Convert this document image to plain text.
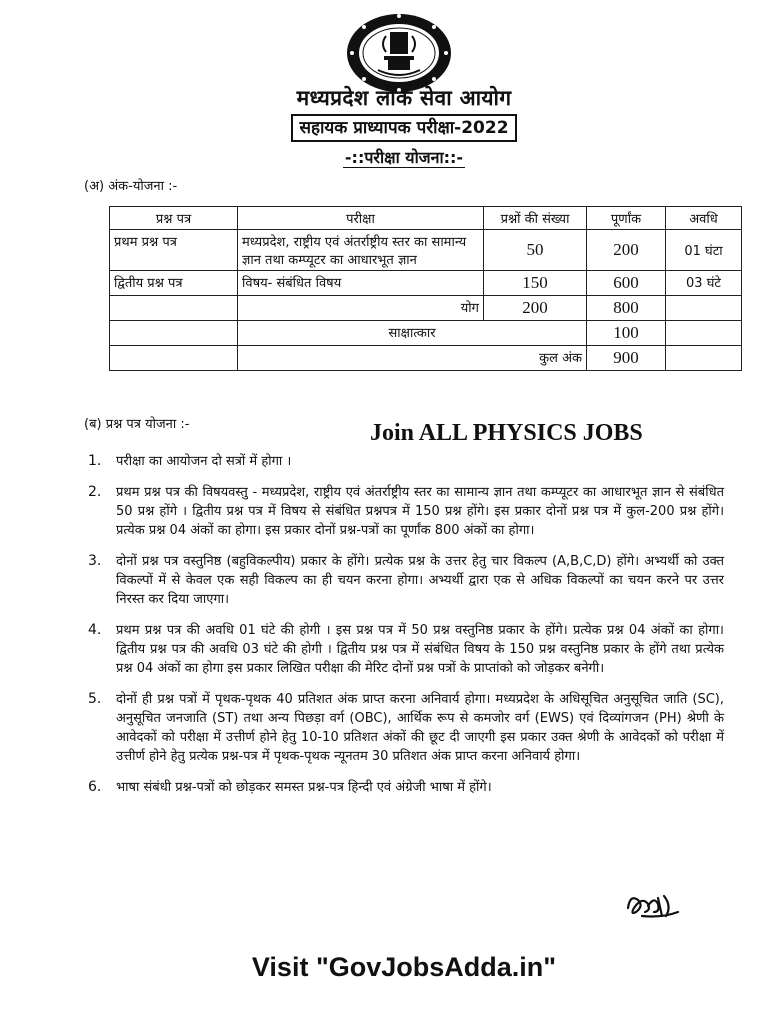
मध्यप्रदेश लोक सेवा आयोग
सहायक प्राध्यापक परीक्षा-2022
-::परीक्षा योजना::-
(अ) अंक-योजना :-
प्रश्न पत्र	परीक्षा	प्रश्नों की संख्या	पूर्णांक	अवधि
प्रथम प्रश्न पत्र	मध्यप्रदेश, राष्ट्रीय एवं अंतर्राष्ट्रीय स्तर का सामान्य ज्ञान तथा कम्प्यूटर का आधारभूत ज्ञान	50	200	01 घंटा
द्वितीय प्रश्न पत्र	विषय- संबंधित विषय	150	600	03 घंटे
	योग	200	800	
	साक्षात्कार		100	
	कुल अंक		900	
(ब) प्रश्न पत्र योजना :-	Join ALL PHYSICS JOBS
1. परीक्षा का आयोजन दो सत्रों में होगा ।
2. प्रथम प्रश्न पत्र की विषयवस्तु - मध्यप्रदेश, राष्ट्रीय एवं अंतर्राष्ट्रीय स्तर का सामान्य ज्ञान तथा कम्प्यूटर का आधारभूत ज्ञान से संबंधित 50 प्रश्न होंगे । द्वितीय प्रश्न पत्र में विषय से संबंधित प्रश्नपत्र में 150 प्रश्न होंगे। इस प्रकार दोनों प्रश्न पत्र में कुल-200 प्रश्न होंगे। प्रत्येक प्रश्न 04 अंकों का होगा। इस प्रकार दोनों प्रश्न-पत्रों का पूर्णांक 800 अंकों का होगा।
3. दोनों प्रश्न पत्र वस्तुनिष्ठ (बहुविकल्पीय) प्रकार के होंगे। प्रत्येक प्रश्न के उत्तर हेतु चार विकल्प (A,B,C,D) होंगे। अभ्यर्थी को उक्त विकल्पों में से केवल एक सही विकल्प का ही चयन करना होगा। अभ्यर्थी द्वारा एक से अधिक विकल्पों का चयन करने पर उत्तर निरस्त कर दिया जाएगा।
4. प्रथम प्रश्न पत्र की अवधि 01 घंटे की होगी । इस प्रश्न पत्र में 50 प्रश्न वस्तुनिष्ठ प्रकार के होंगे। प्रत्येक प्रश्न 04 अंकों का होगा। द्वितीय प्रश्न पत्र की अवधि 03 घंटे की होगी । द्वितीय प्रश्न पत्र में संबंधित विषय के 150 प्रश्न वस्तुनिष्ठ प्रकार के होंगे तथा प्रत्येक प्रश्न 04 अंकों का होगा इस प्रकार लिखित परीक्षा की मेरिट दोनों प्रश्न पत्रों के प्राप्तांको को जोड़कर बनेगी।
5. दोनों ही प्रश्न पत्रों में पृथक-पृथक 40 प्रतिशत अंक प्राप्त करना अनिवार्य होगा। मध्यप्रदेश के अधिसूचित अनुसूचित जाति (SC), अनुसूचित जनजाति (ST) तथा अन्य पिछड़ा वर्ग (OBC), आर्थिक रूप से कमजोर वर्ग (EWS) एवं दिव्यांगजन (PH) श्रेणी के आवेदकों को परीक्षा में उत्तीर्ण होने हेतु 10-10 प्रतिशत अंकों की छूट दी जाएगी इस प्रकार उक्त श्रेणी के आवेदकों को परीक्षा में उत्तीर्ण होने हेतु प्रत्येक प्रश्न-पत्र में पृथक-पृथक न्यूनतम 30 प्रतिशत अंक प्राप्त करना अनिवार्य होगा।
6. भाषा संबंधी प्रश्न-पत्रों को छोड़कर समस्त प्रश्न-पत्र हिन्दी एवं अंग्रेजी भाषा में होंगे।
Visit "GovJobsAdda.in"
